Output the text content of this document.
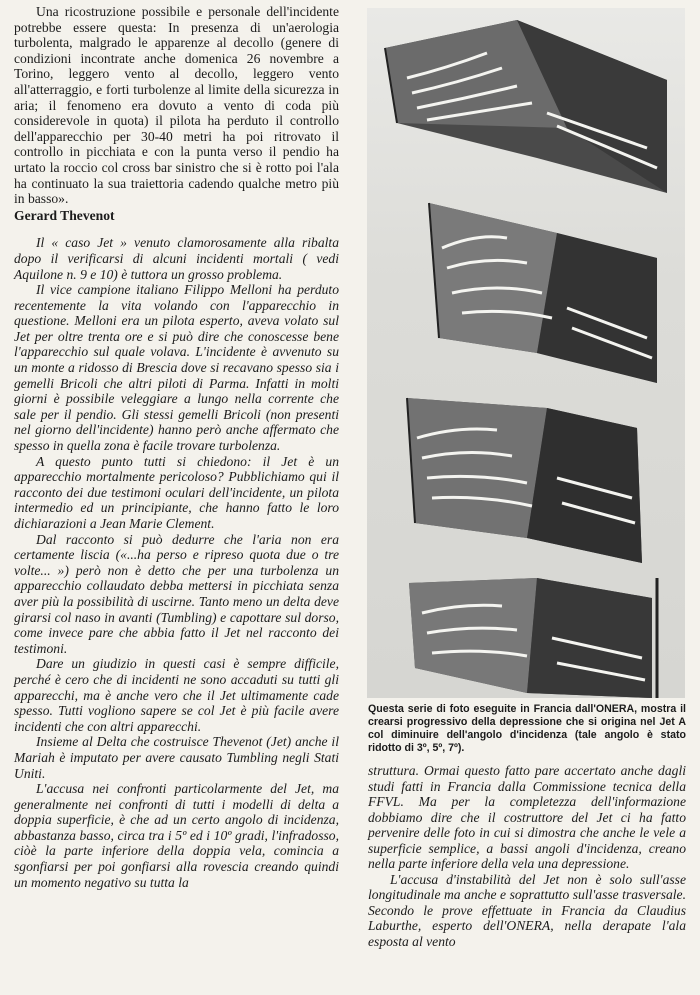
Una ricostruzione possibile e personale dell'incidente potrebbe essere questa: In presenza di un'aerologia turbolenta, malgrado le apparenze al decollo (genere di condizioni incontrate anche domenica 26 novembre a Torino, leggero vento al decollo, leggero vento all'atterraggio, e forti turbolenze al limite della sicurezza in aria; il fenomeno era dovuto a vento di coda più considerevole in quota) il pilota ha perduto il controllo dell'apparecchio per 30-40 metri ha poi ritrovato il controllo in picchiata e con la punta verso il pendio ha urtato la roccio col cross bar sinistro che si è rotto poi l'ala ha continuato la sua traiettoria cadendo qualche metro più in basso».

Gerard Thevenot

Il « caso Jet » venuto clamorosamente alla ribalta dopo il verificarsi di alcuni incidenti mortali ( vedi Aquilone n. 9 e 10) è tuttora un grosso problema.

Il vice campione italiano Filippo Melloni ha perduto recentemente la vita volando con l'apparecchio in questione. Melloni era un pilota esperto, aveva volato sul Jet per oltre trenta ore e si può dire che conoscesse bene l'apparecchio sul quale volava. L'incidente è avvenuto su un monte a ridosso di Brescia dove si recavano spesso sia i gemelli Bricoli che altri piloti di Parma. Infatti in molti giorni è possibile veleggiare a lungo nella corrente che sale per il pendio. Gli stessi gemelli Bricoli (non presenti nel giorno dell'incidente) hanno però anche affermato che spesso in quella zona è facile trovare turbolenza.

A questo punto tutti si chiedono: il Jet è un apparecchio mortalmente pericoloso? Pubblichiamo qui il racconto dei due testimoni oculari dell'incidente, un pilota intermedio ed un principiante, che hanno fatto le loro dichiarazioni a Jean Marie Clement.

Dal racconto si può dedurre che l'aria non era certamente liscia («...ha perso e ripreso quota due o tre volte... ») però non è detto che per una turbolenza un apparecchio collaudato debba mettersi in picchiata senza aver più la possibilità di uscirne. Tanto meno un delta deve girarsi col naso in avanti (Tumbling) e capottare sul dorso, come invece pare che abbia fatto il Jet nel racconto dei testimoni.

Dare un giudizio in questi casi è sempre difficile, perché è cero che di incidenti ne sono accaduti su tutti gli apparecchi, ma è anche vero che il Jet ultimamente cade spesso. Tutti vogliono sapere se col Jet è più facile avere incidenti che con altri apparecchi.

Insieme al Delta che costruisce Thevenot (Jet) anche il Mariah è imputato per avere causato Tumbling negli Stati Uniti.

L'accusa nei confronti particolarmente del Jet, ma generalmente nei confronti di tutti i modelli di delta a doppia superficie, è che ad un certo angolo di incidenza, abbastanza basso, circa tra i 5º ed i 10º gradi, l'infradosso, ciòè la parte inferiore della doppia vela, comincia a sgonfiarsi per poi gonfiarsi alla rovescia creando quindi un momento negativo su tutta la

Questa serie di foto eseguite in Francia dall'ONERA, mostra il crearsi progressivo della depressione che si origina nel Jet A col diminuire dell'angolo d'incidenza (tale angolo è stato ridotto di 3º, 5º, 7º).

struttura. Ormai questo fatto pare accertato anche dagli studi fatti in Francia dalla Commissione tecnica della FFVL. Ma per la completezza dell'informazione dobbiamo dire che il costruttore del Jet ci ha fatto pervenire delle foto in cui si dimostra che anche le vele a superficie semplice, a bassi angoli d'incidenza, creano nella parte inferiore della vela una depressione.

L'accusa d'instabilità del Jet non è solo sull'asse longitudinale ma anche e soprattutto sull'asse trasversale. Secondo le prove effettuate in Francia da Claudius Laburthe, esperto dell'ONERA, nella derapate l'ala esposta al vento
